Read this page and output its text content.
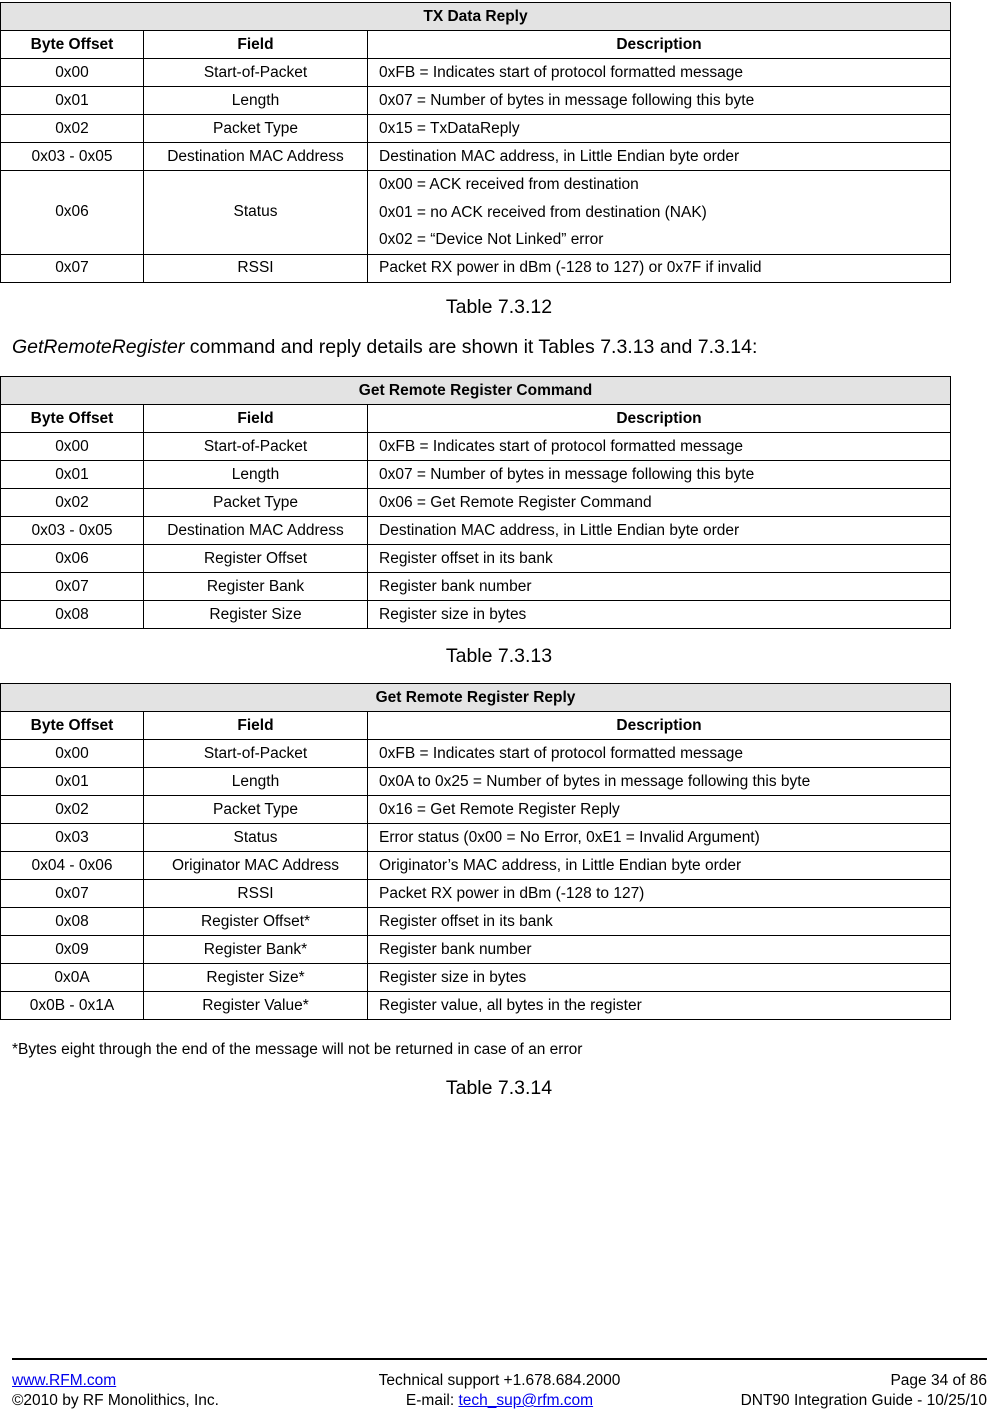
TX Data Reply		
Byte Offset	Field	Description
0x00	Start-of-Packet	0xFB = Indicates start of protocol formatted message
0x01	Length	0x07 = Number of bytes in message following this byte
0x02	Packet Type	0x15 = TxDataReply
0x03 - 0x05	Destination MAC Address	Destination MAC address, in Little Endian byte order
0x06	Status	0x00 = ACK received from destination
0x01 = no ACK received from destination (NAK)
0x02 = “Device Not Linked” error

0x07	RSSI	Packet RX power in dBm (-128 to 127) or 0x7F if invalid
Table 7.3.12
GetRemoteRegister command and reply details are shown it Tables 7.3.13 and 7.3.14:
Get Remote Register Command		
Byte Offset	Field	Description
0x00	Start-of-Packet	0xFB = Indicates start of protocol formatted message
0x01	Length	0x07 = Number of bytes in message following this byte
0x02	Packet Type	0x06 = Get Remote Register Command
0x03 - 0x05	Destination MAC Address	Destination MAC address, in Little Endian byte order
0x06	Register Offset	Register offset in its bank
0x07	Register Bank	Register bank number
0x08	Register Size	Register size in bytes
Table 7.3.13
Get Remote Register Reply		
Byte Offset	Field	Description
0x00	Start-of-Packet	0xFB = Indicates start of protocol formatted message
0x01	Length	0x0A to 0x25 = Number of bytes in message following this byte
0x02	Packet Type	0x16 = Get Remote Register Reply
0x03	Status	Error status (0x00 = No Error, 0xE1 = Invalid Argument)
0x04 - 0x06	Originator MAC Address	Originator’s MAC address, in Little Endian byte order
0x07	RSSI	Packet RX power in dBm (-128 to 127)
0x08	Register Offset*	Register offset in its bank
0x09	Register Bank*	Register bank number
0x0A	Register Size*	Register size in bytes
0x0B - 0x1A	Register Value*	Register value, all bytes in the register
*Bytes eight through the end of the message will not be returned in case of an error
Table 7.3.14
Technical support +1.678.684.2000
www.RFM.com	Page 34 of 86
E-mail: tech_sup@rfm.com
©2010 by RF Monolithics, Inc.	DNT90 Integration Guide - 10/25/10
